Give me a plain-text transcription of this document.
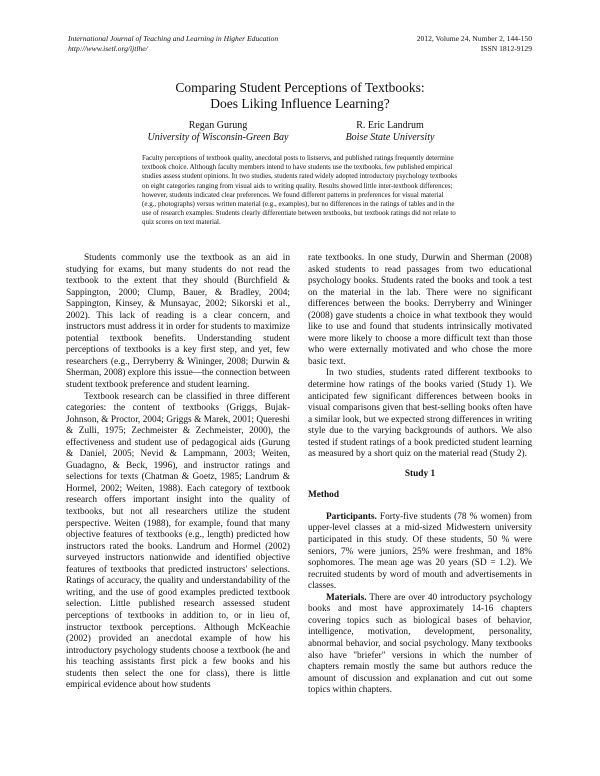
International Journal of Teaching and Learning in Higher Education
http://www.isetl.org/ijtlhe/
2012, Volume 24, Number 2, 144-150
ISSN 1812-9129
Comparing Student Perceptions of Textbooks:
Does Liking Influence Learning?
Regan Gurung
University of Wisconsin-Green Bay
R. Eric Landrum
Boise State University
Faculty perceptions of textbook quality, anecdotal posts to listservs, and published ratings frequently determine textbook choice. Although faculty members intend to have students use the textbooks, few published empirical studies assess student opinions. In two studies, students rated widely adopted introductory psychology textbooks on eight categories ranging from visual aids to writing quality. Results showed little inter-textbook differences; however, students indicated clear preferences. We found different patterns in preferences for visual material (e.g., photographs) versus written material (e.g., examples), but no differences in the ratings of tables and in the use of research examples. Students clearly differentiate between textbooks, but textbook ratings did not relate to quiz scores on text material.

Students commonly use the textbook as an aid in studying for exams, but many students do not read the textbook to the extent that they should (Burchfield & Sappington, 2000; Clump, Bauer, & Bradley, 2004; Sappington, Kinsey, & Munsayac, 2002; Sikorski et al., 2002). This lack of reading is a clear concern, and instructors must address it in order for students to maximize potential textbook benefits. Understanding student perceptions of textbooks is a key first step, and yet, few researchers (e.g., Derryberry & Wininger, 2008; Durwin & Sherman, 2008) explore this issue—the connection between student textbook preference and student learning.

Textbook research can be classified in three different categories: the content of textbooks (Griggs, Bujak-Johnson, & Proctor, 2004; Griggs & Marek, 2001; Quereshi & Zulli, 1975; Zechmeister & Zechmeister, 2000), the effectiveness and student use of pedagogical aids (Gurung & Daniel, 2005; Nevid & Lampmann, 2003; Weiten, Guadagno, & Beck, 1996), and instructor ratings and selections for texts (Chatman & Goetz, 1985; Landrum & Hormel, 2002; Weiten, 1988). Each category of textbook research offers important insight into the quality of textbooks, but not all researchers utilize the student perspective. Weiten (1988), for example, found that many objective features of textbooks (e.g., length) predicted how instructors rated the books. Landrum and Hormel (2002) surveyed instructors nationwide and identified objective features of textbooks that predicted instructors' selections. Ratings of accuracy, the quality and understandability of the writing, and the use of good examples predicted textbook selection. Little published research assessed student perceptions of textbooks in addition to, or in lieu of, instructor textbook perceptions. Although McKeachie (2002) provided an anecdotal example of how his introductory psychology students choose a textbook (he and his teaching assistants first pick a few books and his students then select the one for class), there is little empirical evidence about how students

rate textbooks. In one study, Durwin and Sherman (2008) asked students to read passages from two educational psychology books. Students rated the books and took a test on the material in the lab. There were no significant differences between the books. Derryberry and Wininger (2008) gave students a choice in what textbook they would like to use and found that students intrinsically motivated were more likely to choose a more difficult text than those who were externally motivated and who chose the more basic text.

In two studies, students rated different textbooks to determine how ratings of the books varied (Study 1). We anticipated few significant differences between books in visual comparisons given that best-selling books often have a similar look, but we expected strong differences in writing style due to the varying backgrounds of authors. We also tested if student ratings of a book predicted student learning as measured by a short quiz on the material read (Study 2).

Study 1

Method

Participants. Forty-five students (78 % women) from upper-level classes at a mid-sized Midwestern university participated in this study. Of these students, 50 % were seniors, 7% were juniors, 25% were freshman, and 18% sophomores. The mean age was 20 years (SD = 1.2). We recruited students by word of mouth and advertisements in classes.

Materials. There are over 40 introductory psychology books and most have approximately 14-16 chapters covering topics such as biological bases of behavior, intelligence, motivation, development, personality, abnormal behavior, and social psychology. Many textbooks also have "briefer" versions in which the number of chapters remain mostly the same but authors reduce the amount of discussion and explanation and cut out some topics within chapters.
